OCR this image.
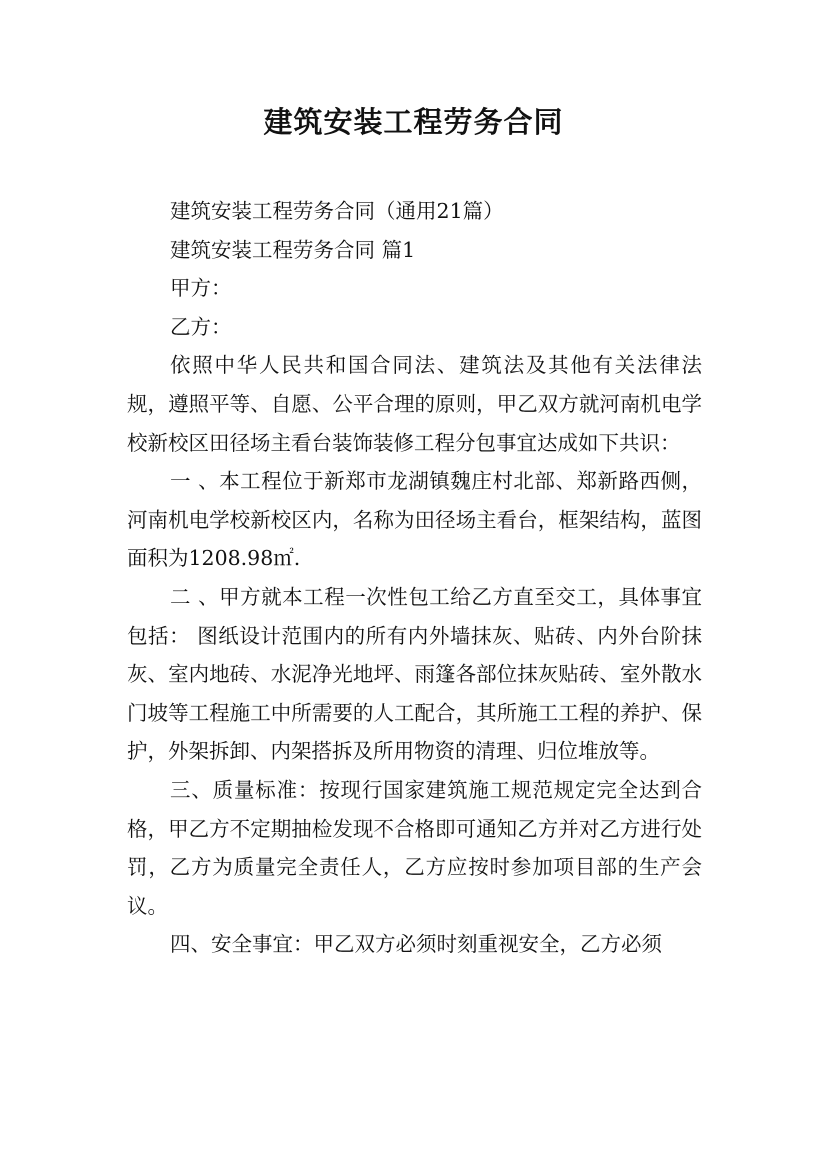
建筑安装工程劳务合同

建筑安装工程劳务合同（通用21篇）

建筑安装工程劳务合同 篇1

甲方：

乙方：

依照中华人民共和国合同法、建筑法及其他有关法律法规，遵照平等、自愿、公平合理的原则，甲乙双方就河南机电学校新校区田径场主看台装饰装修工程分包事宜达成如下共识：

一 、本工程位于新郑市龙湖镇魏庄村北部、郑新路西侧，河南机电学校新校区内，名称为田径场主看台，框架结构，蓝图面积为1208.98㎡.

二 、甲方就本工程一次性包工给乙方直至交工，具体事宜包括： 图纸设计范围内的所有内外墙抹灰、贴砖、内外台阶抹灰、室内地砖、水泥净光地坪、雨篷各部位抹灰贴砖、室外散水门坡等工程施工中所需要的人工配合，其所施工工程的养护、保护，外架拆卸、内架搭拆及所用物资的清理、归位堆放等。

三、质量标准：按现行国家建筑施工规范规定完全达到合格，甲乙方不定期抽检发现不合格即可通知乙方并对乙方进行处罚，乙方为质量完全责任人，乙方应按时参加项目部的生产会议。

四、安全事宜：甲乙双方必须时刻重视安全，乙方必须
